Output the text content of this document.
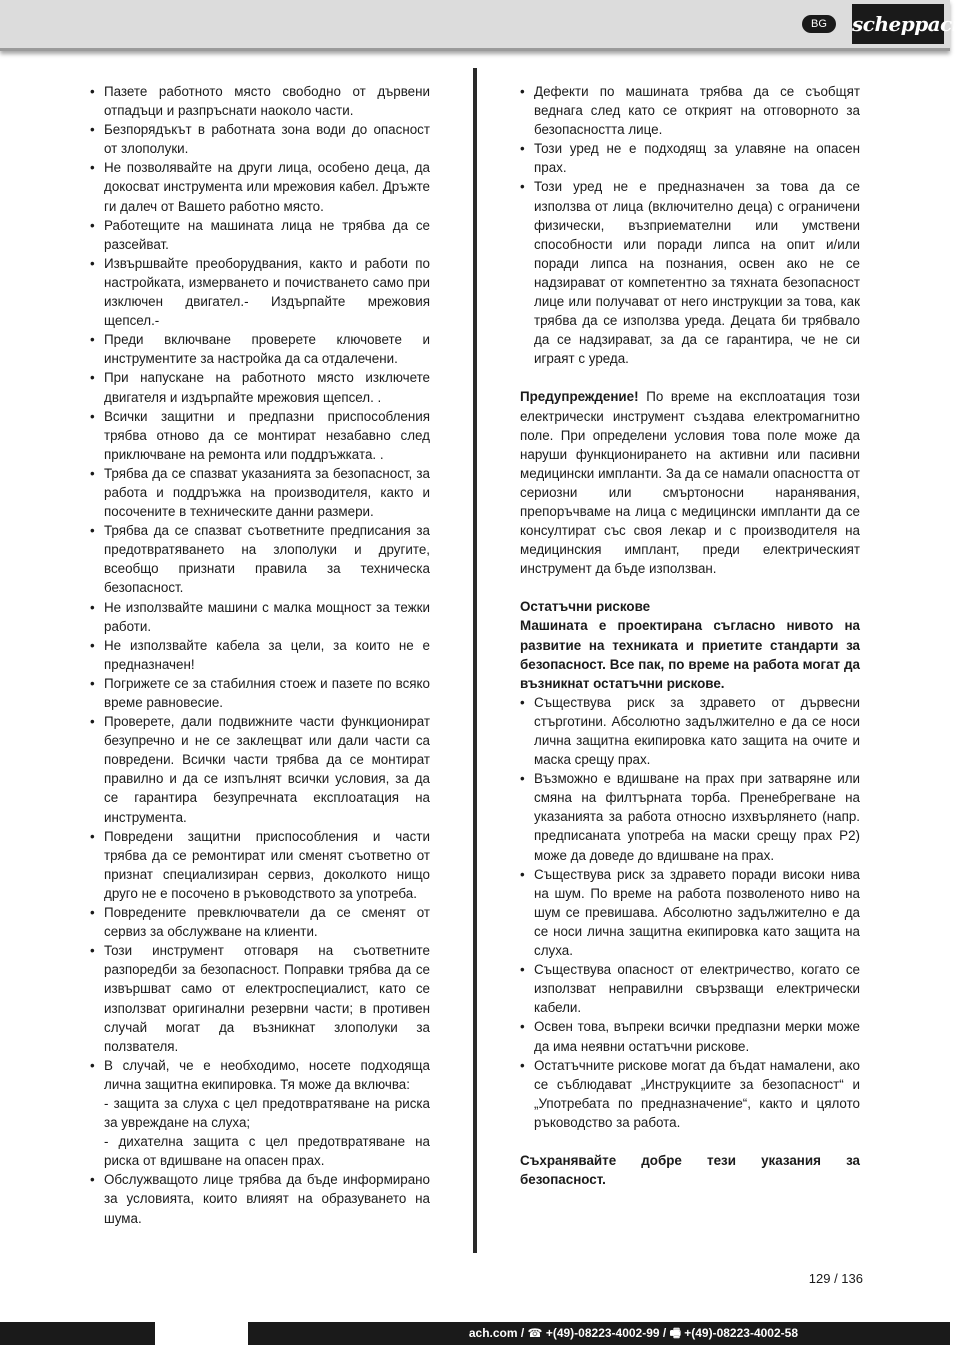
BG	scheppach
• Пазете работното място свободно от дървени отпадъци и разпръснати наоколо части.
• Безпорядъкът в работната зона води до опасност от злополуки.
• Не позволявайте на други лица, особено деца, да докосват инструмента или мрежовия кабел. Дръжте ги далеч от Вашето работно място.
• Работещите на машината лица не трябва да се разсейват.
• Извършвайте преоборудвания, както и работи по настройката, измерването и почистването само при изключен двигател.- Издърпайте мрежовия щепсел.-
• Преди включване проверете ключовете и инструментите за настройка да са отдалечени.
• При напускане на работното място изключете двигателя и издърпайте мрежовия щепсел. .
• Всички защитни и предпазни приспособления трябва отново да се монтират незабавно след приключване на ремонта или поддръжката. .
• Трябва да се спазват указанията за безопасност, за работа и поддръжка на производителя, както и посочените в техническите данни размери.
• Трябва да се спазват съответните предписания за предотвратяването на злополуки и другите, всеобщо признати правила за техническа безопасност.
• Не използвайте машини с малка мощност за тежки работи.
• Не използвайте кабела за цели, за които не е предназначен!
• Погрижете се за стабилния стоеж и пазете по всяко време равновесие.
• Проверете, дали подвижните части функционират безупречно и не се заклещват или дали части са повредени. Всички части трябва да се монтират правилно и да се изпълнят всички условия, за да се гарантира безупречната експлоатация на инструмента.
• Повредени защитни приспособления и части трябва да се ремонтират или сменят съответно от признат специализиран сервиз, доколкото нищо друго не е посочено в ръководството за употреба.
• Повредените превключватели да се сменят от сервиз за обслужване на клиенти.
• Този инструмент отговаря на съответните разпоредби за безопасност. Поправки трябва да се извършват само от електроспециалист, като се използват оригинални резервни части; в противен случай могат да възникнат злополуки за ползвателя.
• В случай, че е необходимо, носете подходяща лична защитна екипировка. Тя може да включва:
- защита за слуха с цел предотвратяване на риска за увреждане на слуха;
- дихателна защита с цел предотвратяване на риска от вдишване на опасен прах.
• Обслужващото лице трябва да бъде информирано за условията, които влияят на образуването на шума.
• Дефекти по машината трябва да се съобщят веднага след като се открият на отговорното за безопасността лице.
• Този уред не е подходящ за улавяне на опасен прах.
• Този уред не е предназначен за това да се използва от лица (включително деца) с ограничени физически, възприемателни или умствени способности или поради липса на опит и/или поради липса на познания, освен ако не се надзирават от компетентно за тяхната безопасност лице или получават от него инструкции за това, как трябва да се използва уреда. Децата би трябвало да се надзирават, за да се гарантира, че не си играят с уреда.

Предупреждение! По време на експлоатация този електрически инструмент създава електромагнитно поле. При определени условия това поле може да наруши функционирането на активни или пасивни медицински импланти. За да се намали опасността от сериозни или смъртоносни наранявания, препоръчваме на лица с медицински импланти да се консултират със своя лекар и с производителя на медицинския имплант, преди електрическият инструмент да бъде използван.

Остатъчни рискове

Машината е проектирана съгласно нивото на развитие на техниката и приетите стандарти за безопасност. Все пак, по време на работа могат да възникнат остатъчни рискове.

• Съществува риск за здравето от дървесни стърготини. Абсолютно задължително е да се носи лична защитна екипировка като защита на очите и маска срещу прах.
• Възможно е вдишване на прах при затваряне или смяна на филтърната торба. Пренебрегване на указанията за работа относно изхвърлянето (напр. предписаната употреба на маски срещу прах P2) може да доведе до вдишване на прах.
• Съществува риск за здравето поради високи нива на шум. По време на работа позволеното ниво на шум се превишава. Абсолютно задължително е да се носи лична защитна екипировка като защита на слуха.
• Съществува опасност от електричество, когато се използват неправилни свързващи електрически кабели.
• Освен това, въпреки всички предпазни мерки може да има неявни остатъчни рискове.
• Остатъчните рискове могат да бъдат намалени, ако се съблюдават „Инструкциите за безопасност“ и „Употребата по предназначение“, както и цялото ръководство за работа.

Съхранявайте добре тези указания за безопасност.

129 / 136
ach.com / ☎ +(49)-08223-4002-99 / 🖷 +(49)-08223-4002-58
